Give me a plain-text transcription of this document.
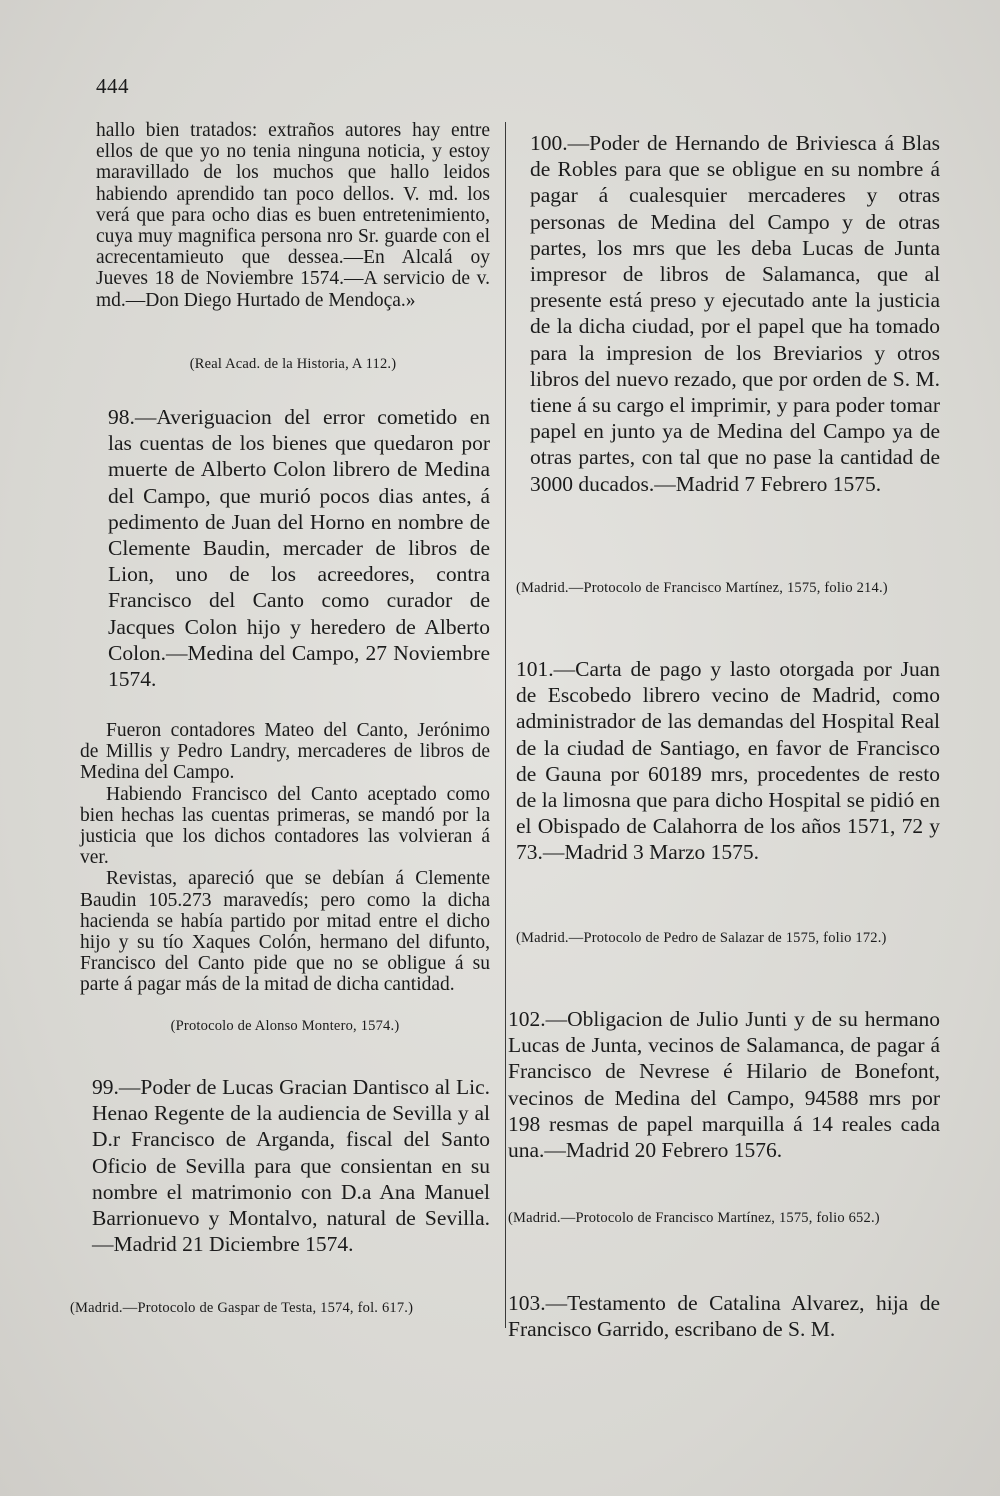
444

hallo bien tratados: extraños autores hay entre ellos de que yo no tenia ninguna noticia, y estoy maravillado de los muchos que hallo leidos habiendo aprendido tan poco dellos. V. md. los verá que para ocho dias es buen entretenimiento, cuya muy magnifica persona nro Sr. guarde con el acrecentamieuto que dessea.—En Alcalá oy Jueves 18 de Noviembre 1574.—A servicio de v. md.—Don Diego Hurtado de Mendoça.»

(Real Acad. de la Historia, A 112.)

98.—Averiguacion del error cometido en las cuentas de los bienes que quedaron por muerte de Alberto Colon librero de Medina del Campo, que murió pocos dias antes, á pedimento de Juan del Horno en nombre de Clemente Baudin, mercader de libros de Lion, uno de los acreedores, contra Francisco del Canto como curador de Jacques Colon hijo y heredero de Alberto Colon.—Medina del Campo, 27 Noviembre 1574.

Fueron contadores Mateo del Canto, Jerónimo de Millis y Pedro Landry, mercaderes de libros de Medina del Campo.
Habiendo Francisco del Canto aceptado como bien hechas las cuentas primeras, se mandó por la justicia que los dichos contadores las volvieran á ver.
Revistas, apareció que se debían á Clemente Baudin 105.273 maravedís; pero como la dicha hacienda se había partido por mitad entre el dicho hijo y su tío Xaques Colón, hermano del difunto, Francisco del Canto pide que no se obligue á su parte á pagar más de la mitad de dicha cantidad.

(Protocolo de Alonso Montero, 1574.)

99.—Poder de Lucas Gracian Dantisco al Lic. Henao Regente de la audiencia de Sevilla y al D.r Francisco de Arganda, fiscal del Santo Oficio de Sevilla para que consientan en su nombre el matrimonio con D.a Ana Manuel Barrionuevo y Montalvo, natural de Sevilla.—Madrid 21 Diciembre 1574.

(Madrid.—Protocolo de Gaspar de Testa, 1574, fol. 617.)

100.—Poder de Hernando de Briviesca á Blas de Robles para que se obligue en su nombre á pagar á cualesquier mercaderes y otras personas de Medina del Campo y de otras partes, los mrs que les deba Lucas de Junta impresor de libros de Salamanca, que al presente está preso y ejecutado ante la justicia de la dicha ciudad, por el papel que ha tomado para la impresion de los Breviarios y otros libros del nuevo rezado, que por orden de S. M. tiene á su cargo el imprimir, y para poder tomar papel en junto ya de Medina del Campo ya de otras partes, con tal que no pase la cantidad de 3000 ducados.—Madrid 7 Febrero 1575.

(Madrid.—Protocolo de Francisco Martínez, 1575, folio 214.)

101.—Carta de pago y lasto otorgada por Juan de Escobedo librero vecino de Madrid, como administrador de las demandas del Hospital Real de la ciudad de Santiago, en favor de Francisco de Gauna por 60189 mrs, procedentes de resto de la limosna que para dicho Hospital se pidió en el Obispado de Calahorra de los años 1571, 72 y 73.—Madrid 3 Marzo 1575.

(Madrid.—Protocolo de Pedro de Salazar de 1575, folio 172.)

102.—Obligacion de Julio Junti y de su hermano Lucas de Junta, vecinos de Salamanca, de pagar á Francisco de Nevrese é Hilario de Bonefont, vecinos de Medina del Campo, 94588 mrs por 198 resmas de papel marquilla á 14 reales cada una.—Madrid 20 Febrero 1576.

(Madrid.—Protocolo de Francisco Martínez, 1575, folio 652.)

103.—Testamento de Catalina Alvarez, hija de Francisco Garrido, escribano de S. M.
